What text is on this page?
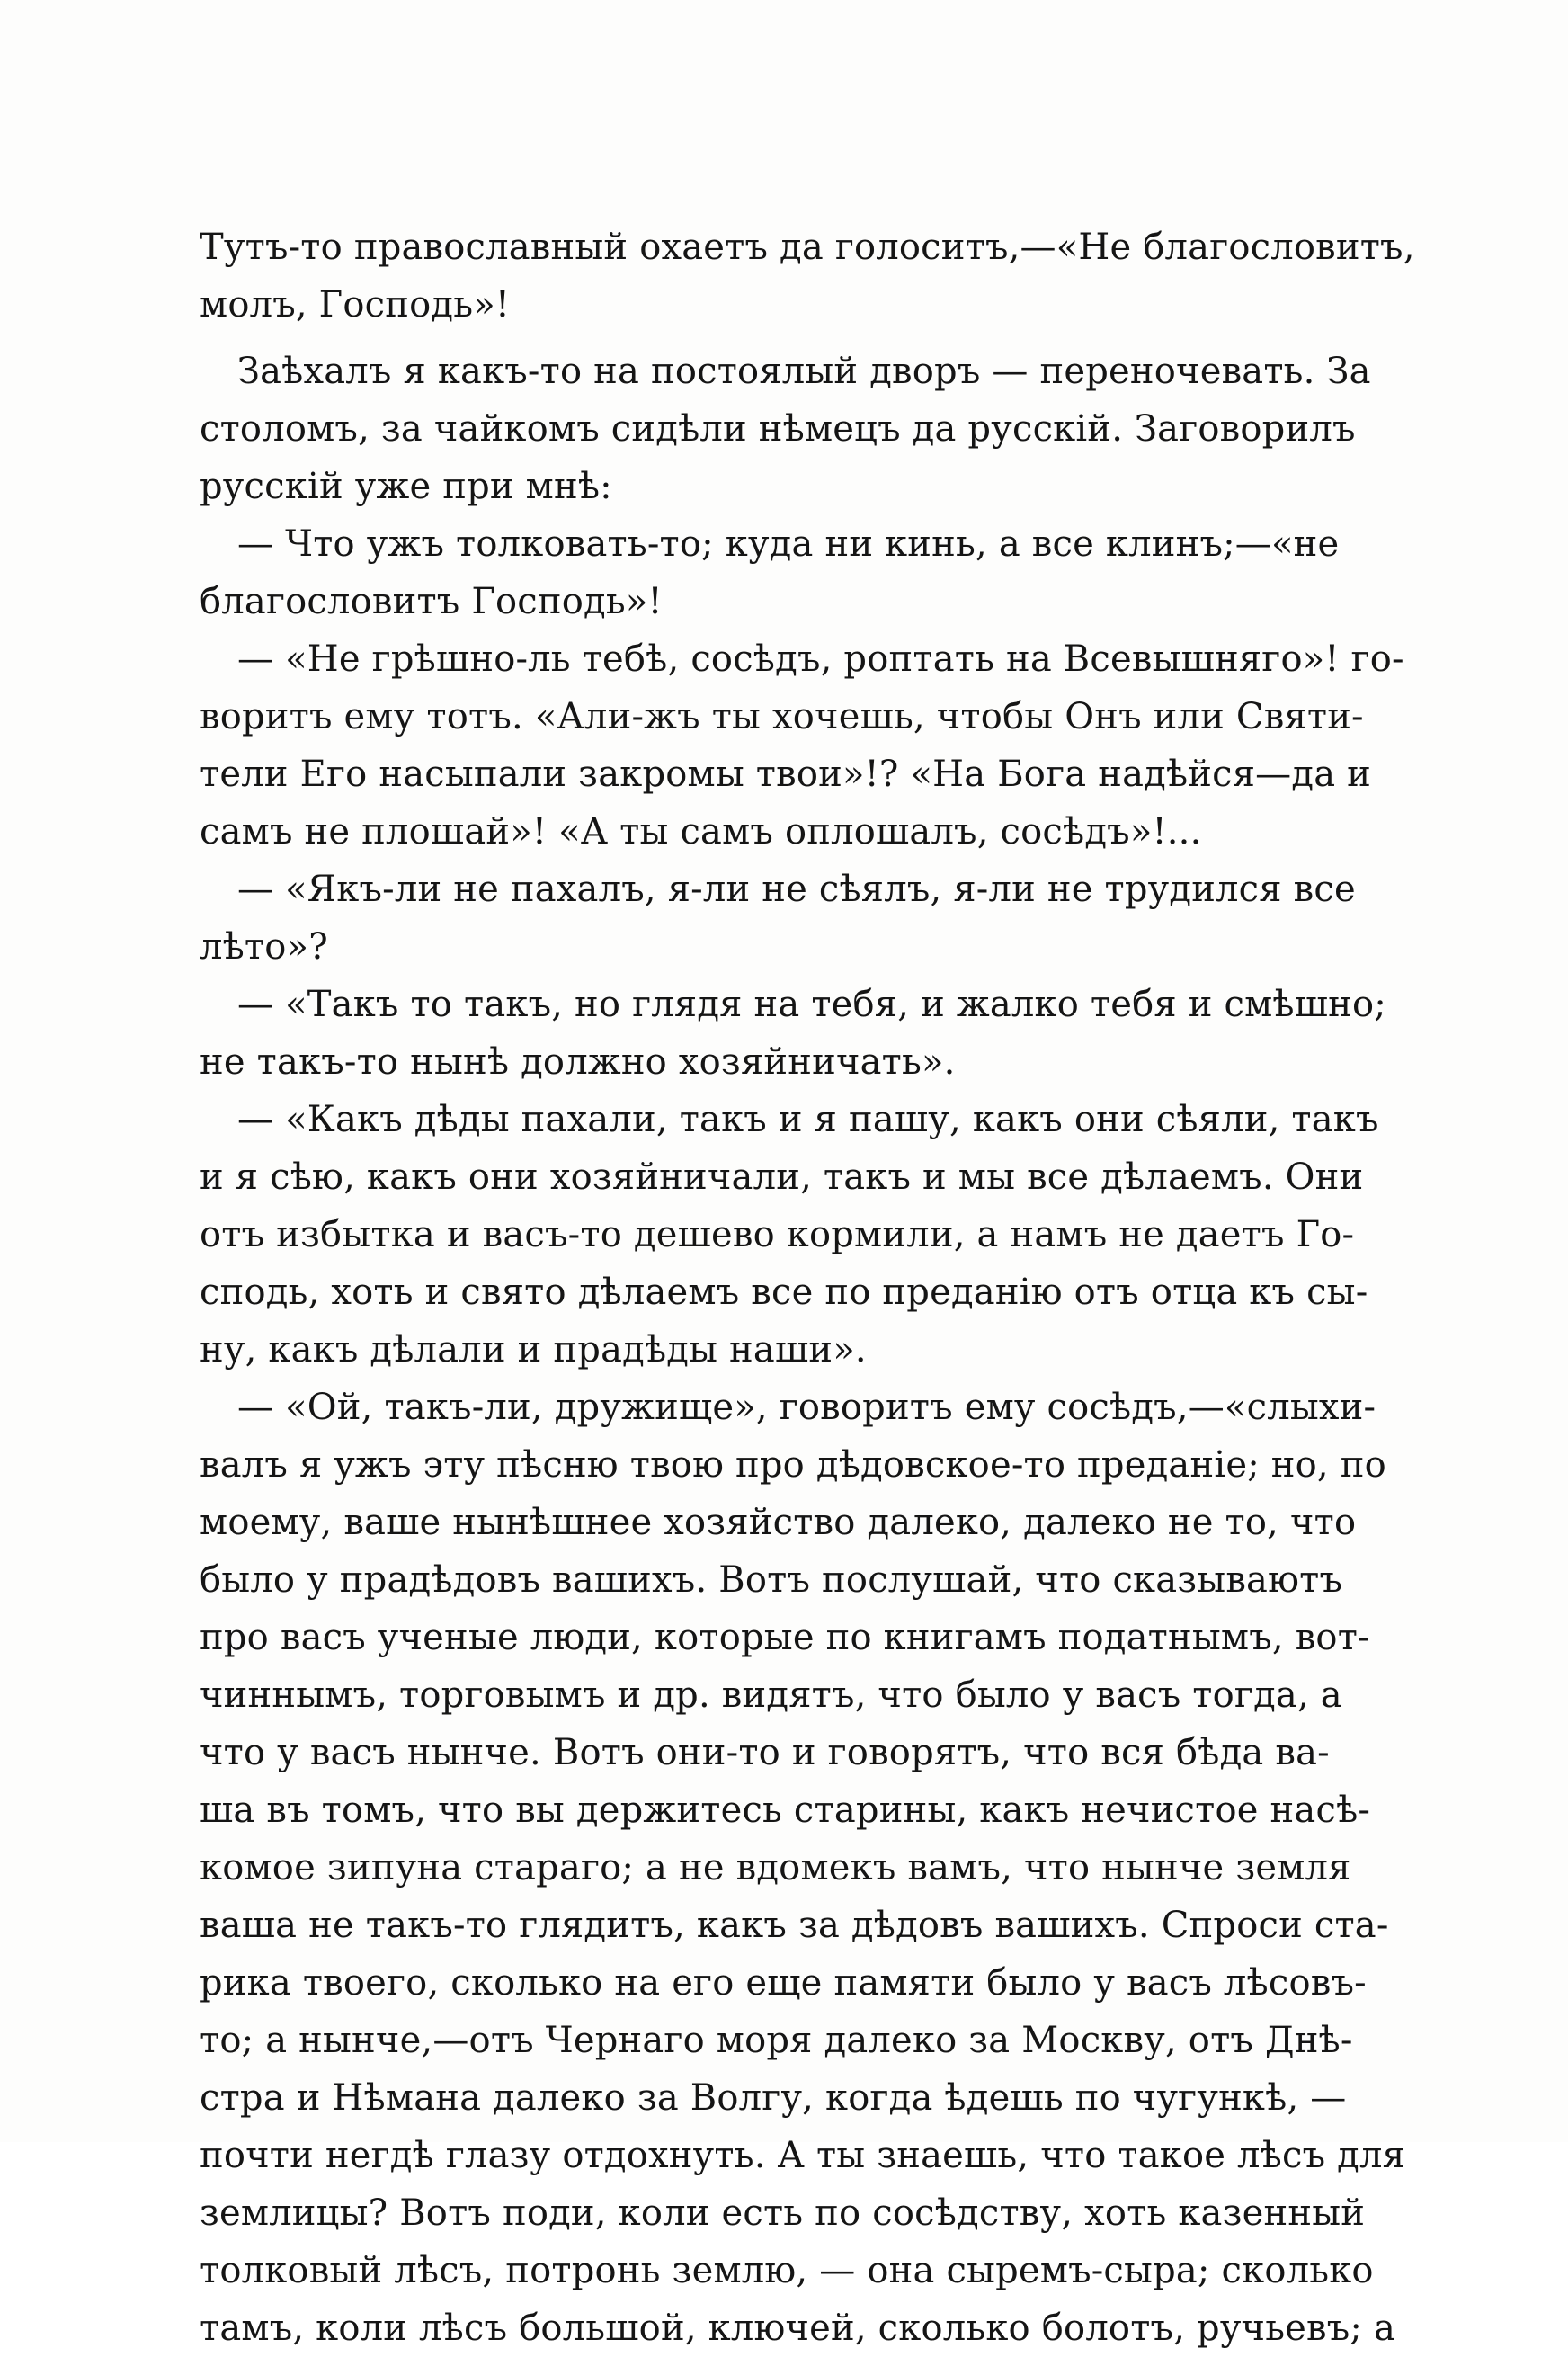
Тутъ-то православный охаетъ да голоситъ,—«Не благословитъ,
молъ, Господь»!
Заѣхалъ я какъ-то на постоялый дворъ — переночевать. За
столомъ, за чайкомъ сидѣли нѣмецъ да русскій. Заговорилъ
русскій уже при мнѣ:
— Что ужъ толковать-то; куда ни кинь, а все клинъ;—«не
благословитъ Господь»!
— «Не грѣшно-ль тебѣ, сосѣдъ, роптать на Всевышняго»! го-
воритъ ему тотъ. «Али-жъ ты хочешь, чтобы Онъ или Святи-
тели Его насыпали закромы твои»!? «На Бога надѣйся—да и
самъ не плошай»! «А ты самъ оплошалъ, сосѣдъ»!...
— «Якъ-ли не пахалъ, я-ли не сѣялъ, я-ли не трудился все
лѣто»?
— «Такъ то такъ, но глядя на тебя, и жалко тебя и смѣшно;
не такъ-то нынѣ должно хозяйничать».
— «Какъ дѣды пахали, такъ и я пашу, какъ они сѣяли, такъ
и я сѣю, какъ они хозяйничали, такъ и мы все дѣлаемъ. Они
отъ избытка и васъ-то дешево кормили, а намъ не даетъ Го-
сподь, хоть и свято дѣлаемъ все по преданію отъ отца къ сы-
ну, какъ дѣлали и прадѣды наши».
— «Ой, такъ-ли, дружище», говоритъ ему сосѣдъ,—«слыхи-
валъ я ужъ эту пѣсню твою про дѣдовское-то преданіе; но, по
моему, ваше нынѣшнее хозяйство далеко, далеко не то, что
было у прадѣдовъ вашихъ. Вотъ послушай, что сказываютъ
про васъ ученые люди, которые по книгамъ податнымъ, вот-
чиннымъ, торговымъ и др. видятъ, что было у васъ тогда, а
что у васъ нынче. Вотъ они-то и говорятъ, что вся бѣда ва-
ша въ томъ, что вы держитесь старины, какъ нечистое насѣ-
комое зипуна стараго; а не вдомекъ вамъ, что нынче земля
ваша не такъ-то глядитъ, какъ за дѣдовъ вашихъ. Спроси ста-
рика твоего, сколько на его еще памяти было у васъ лѣсовъ-
то; а нынче,—отъ Чернаго моря далеко за Москву, отъ Днѣ-
стра и Нѣмана далеко за Волгу, когда ѣдешь по чугункѣ, —
почти негдѣ глазу отдохнуть. А ты знаешь, что такое лѣсъ для
землицы? Вотъ поди, коли есть по сосѣдству, хоть казенный
толковый лѣсъ, потронь землю, — она сыремъ-сыра; сколько
тамъ, коли лѣсъ большой, ключей, сколько болотъ, ручьевъ; а
